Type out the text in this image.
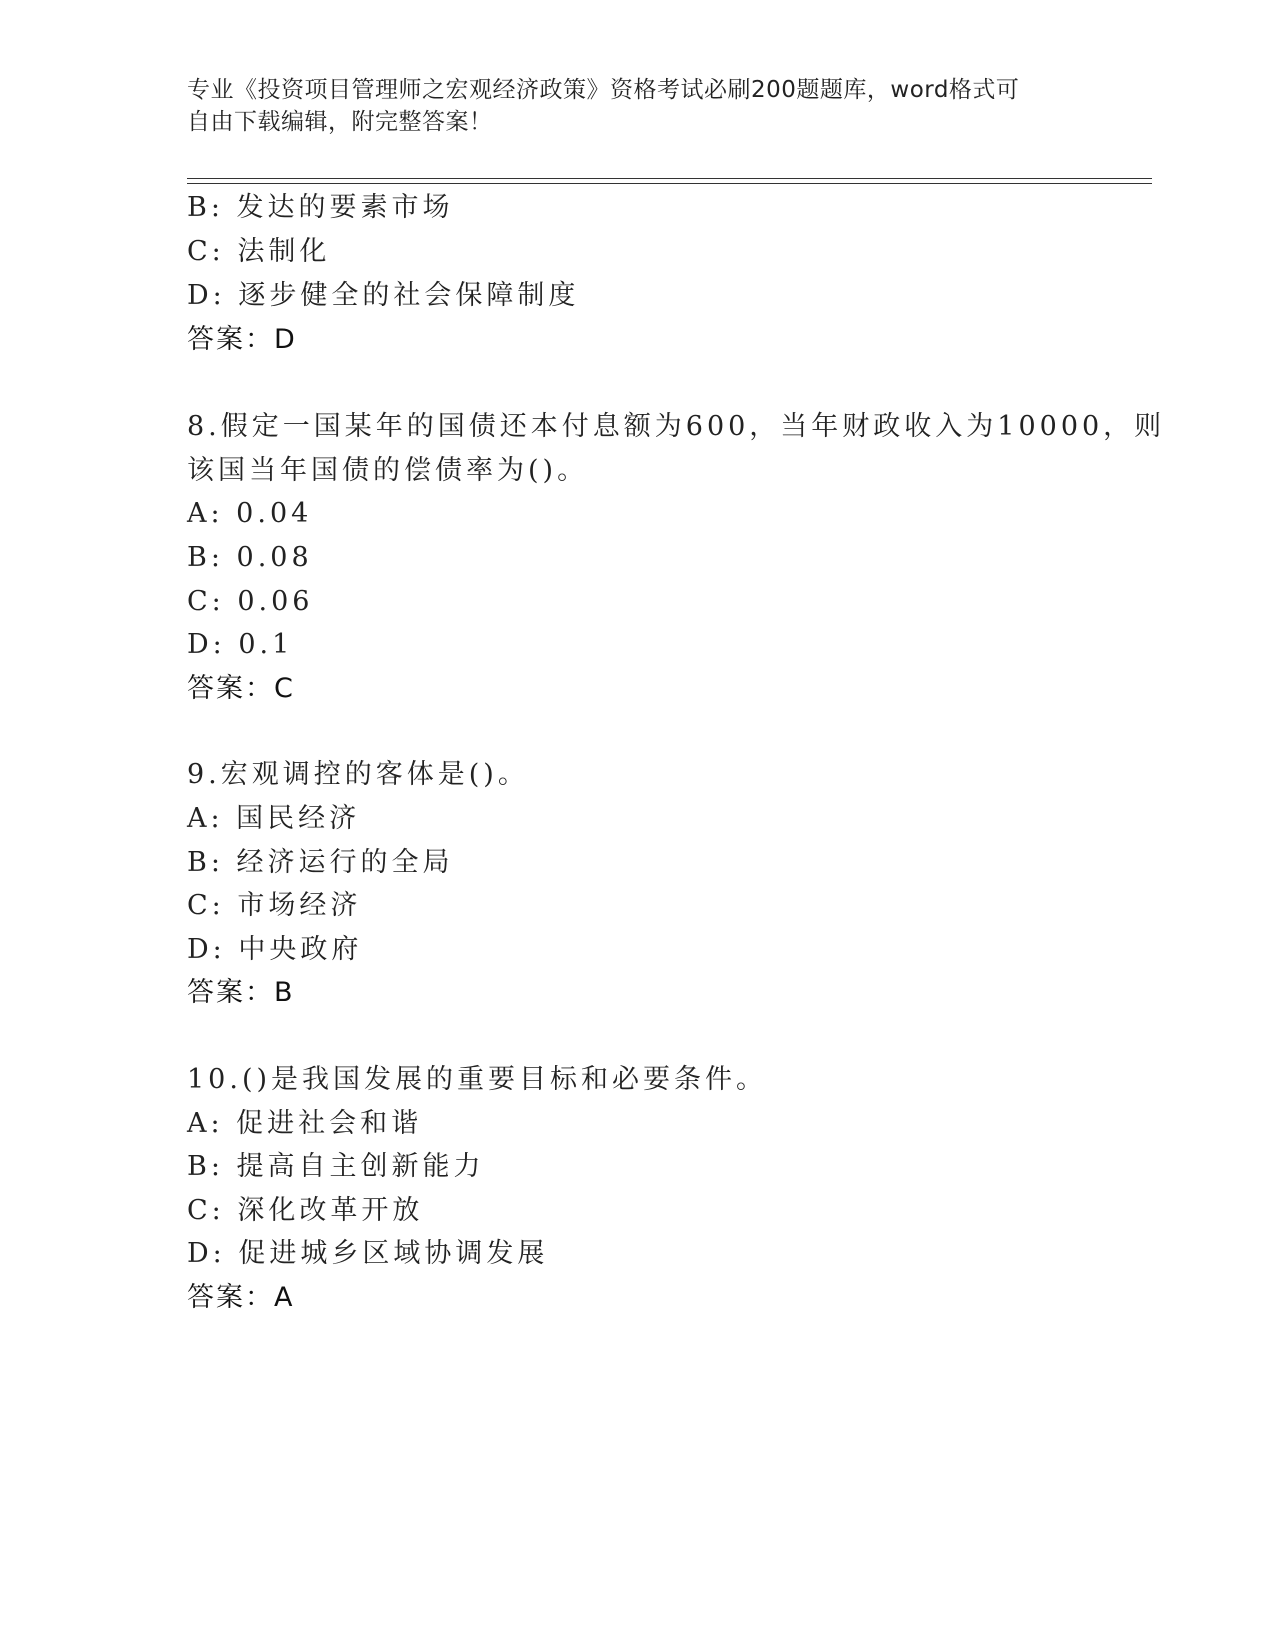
专业《投资项目管理师之宏观经济政策》资格考试必刷200题题库，word格式可
自由下载编辑，附完整答案！
B: 发达的要素市场
C: 法制化
D: 逐步健全的社会保障制度
答案：D
8.假定一国某年的国债还本付息额为600，当年财政收入为10000，则
该国当年国债的偿债率为()。
A: 0.04
B: 0.08
C: 0.06
D: 0.1
答案：C
9.宏观调控的客体是()。
A: 国民经济
B: 经济运行的全局
C: 市场经济
D: 中央政府
答案：B
10.()是我国发展的重要目标和必要条件。
A: 促进社会和谐
B: 提高自主创新能力
C: 深化改革开放
D: 促进城乡区域协调发展
答案：A
